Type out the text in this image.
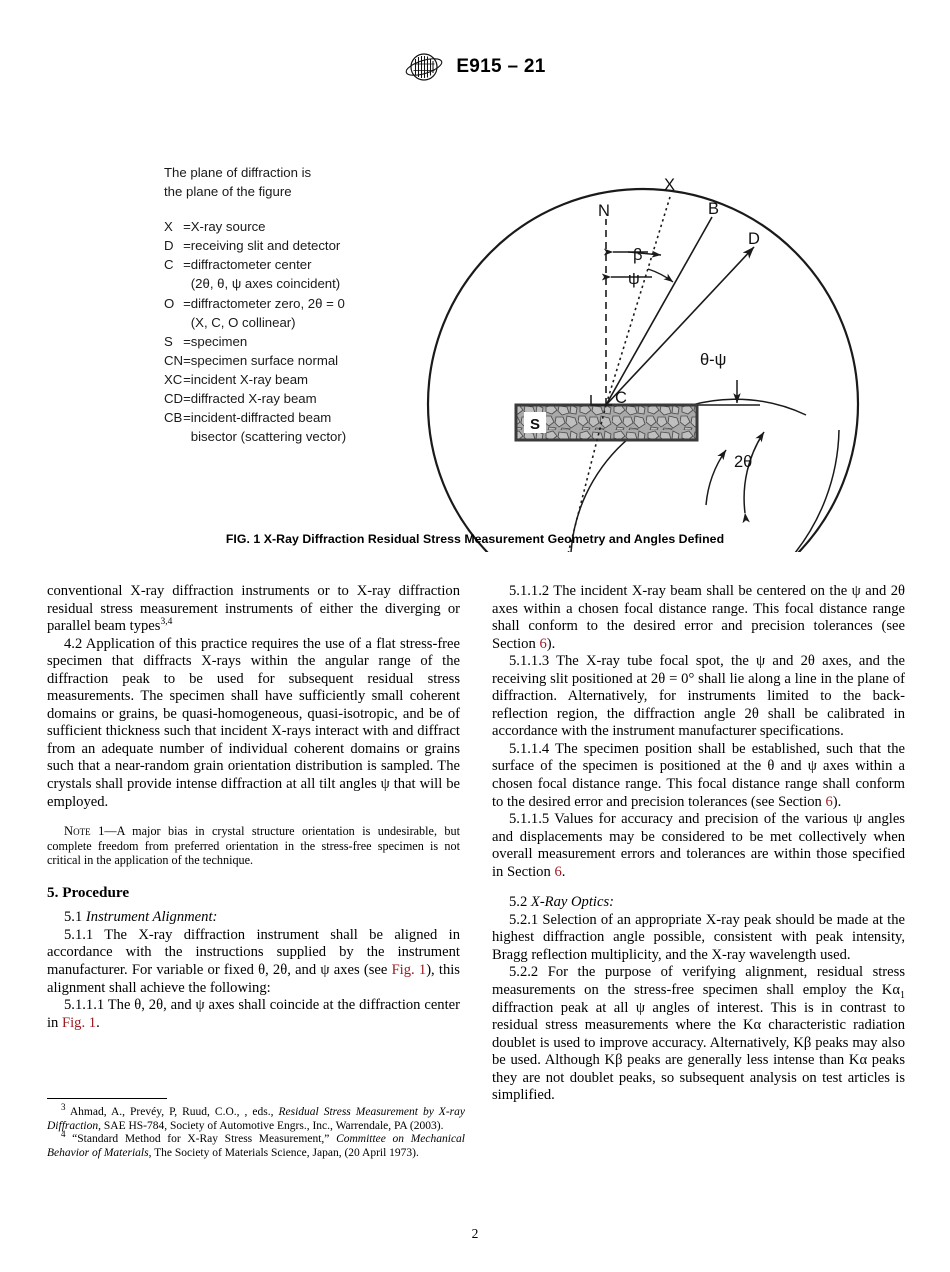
E915 – 21
The plane of diffraction is
the plane of the figure
X	=	X-ray source
D	=	receiving slit and detector
C	=	diffractometer center
		(2θ, θ, ψ axes coincident)
O	=	diffractometer zero, 2θ = 0
		(X, C, O collinear)
S	=	specimen
CN	=	specimen surface normal
XC	=	incident X-ray beam
CD	=	diffracted X-ray beam
CB	=	incident-diffracted beam
		bisector (scattering vector)
S
X
N	B
D
C
β
ψ
θ-ψ
2θ
FIG. 1 X-Ray Diffraction Residual Stress Measurement Geometry and Angles Defined

conventional X-ray diffraction instruments or to X-ray diffraction residual stress measurement instruments of either the diverging or parallel beam types$^{3,4}$

4.2 Application of this practice requires the use of a flat stress-free specimen that diffracts X-rays within the angular range of the diffraction peak to be used for subsequent residual stress measurements. The specimen shall have sufficiently small coherent domains or grains, be quasi-homogeneous, quasi-isotropic, and be of sufficient thickness such that incident X-rays interact with and diffract from an adequate number of individual coherent domains or grains such that a near-random grain orientation distribution is sampled. The crystals shall provide intense diffraction at all tilt angles ψ that will be employed.

Note 1—A major bias in crystal structure orientation is undesirable, but complete freedom from preferred orientation in the stress-free specimen is not critical in the application of the technique.

5. Procedure

5.1 Instrument Alignment:

5.1.1 The X-ray diffraction instrument shall be aligned in accordance with the instructions supplied by the instrument manufacturer. For variable or fixed θ, 2θ, and ψ axes (see Fig. 1), this alignment shall achieve the following:

5.1.1.1 The θ, 2θ, and ψ axes shall coincide at the diffraction center in Fig. 1.

5.1.1.2 The incident X-ray beam shall be centered on the ψ and 2θ axes within a chosen focal distance range. This focal distance range shall conform to the desired error and precision tolerances (see Section 6).

5.1.1.3 The X-ray tube focal spot, the ψ and 2θ axes, and the receiving slit positioned at 2θ = 0° shall lie along a line in the plane of diffraction. Alternatively, for instruments limited to the back-reflection region, the diffraction angle 2θ shall be calibrated in accordance with the instrument manufacturer specifications.

5.1.1.4 The specimen position shall be established, such that the surface of the specimen is positioned at the θ and ψ axes within a chosen focal distance range. This focal distance range shall conform to the desired error and precision tolerances (see Section 6).

5.1.1.5 Values for accuracy and precision of the various ψ angles and displacements may be considered to be met collectively when overall measurement errors and tolerances are within those specified in Section 6.

5.2 X-Ray Optics:

5.2.1 Selection of an appropriate X-ray peak should be made at the highest diffraction angle possible, consistent with peak intensity, Bragg reflection multiplicity, and the X-ray wavelength used.

5.2.2 For the purpose of verifying alignment, residual stress measurements on the stress-free specimen shall employ the $K\alpha_1$ diffraction peak at all ψ angles of interest. This is in contrast to residual stress measurements where the Kα characteristic radiation doublet is used to improve accuracy. Alternatively, Kβ peaks may also be used. Although Kβ peaks are generally less intense than Kα peaks they are not doublet peaks, so subsequent analysis on test articles is simplified.

$^3$ Ahmad, A., Prevéy, P, Ruud, C.O., , eds., Residual Stress Measurement by X-ray Diffraction, SAE HS-784, Society of Automotive Engrs., Inc., Warrendale, PA (2003).

$^4$ “Standard Method for X-Ray Stress Measurement,” Committee on Mechanical Behavior of Materials, The Society of Materials Science, Japan, (20 April 1973).

2
